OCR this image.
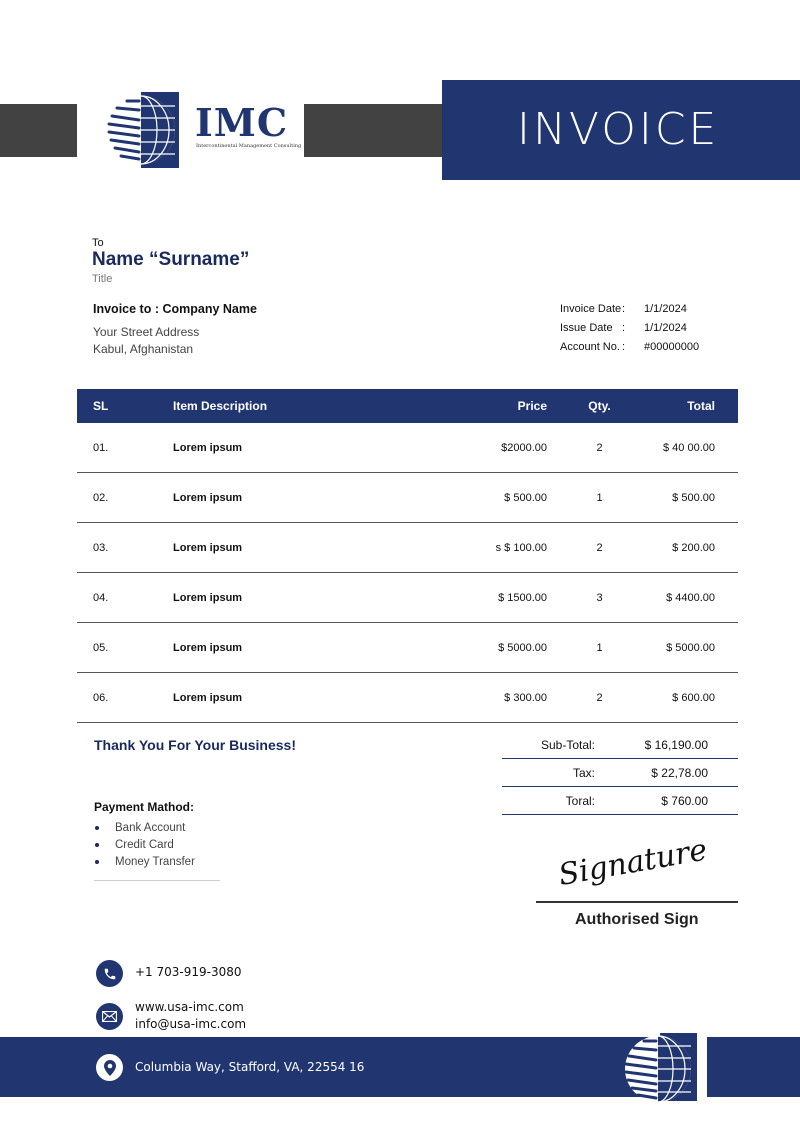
INVOICE
IMC
Intercontinental Management Consulting
To
Name “Surname”
Title
Invoice to : Company Name
Your Street Address
Kabul, Afghanistan
Invoice Date :	1/1/2024
Issue Date :	1/1/2024
Account No. :	#00000000
SL	Item Description	Price	Qty.	Total
01.	Lorem ipsum	$2000.00	2	$ 40 00.00
02.	Lorem ipsum	$ 500.00	1	$ 500.00
03.	Lorem ipsum	s $ 100.00	2	$ 200.00
04.	Lorem ipsum	$ 1500.00	3	$ 4400.00
05.	Lorem ipsum	$ 5000.00	1	$ 5000.00
06.	Lorem ipsum	$ 300.00	2	$ 600.00
Thank You For Your Business!
Payment Mathod:
Bank Account
Credit Card
Money Transfer
Sub-Total:	$ 16,190.00
Tax:	$ 22,78.00
Toral:	$ 760.00
Signature
Authorised Sign
+1 703-919-3080
www.usa-imc.com
info@usa-imc.com
Columbia Way, Stafford, VA, 22554 16
